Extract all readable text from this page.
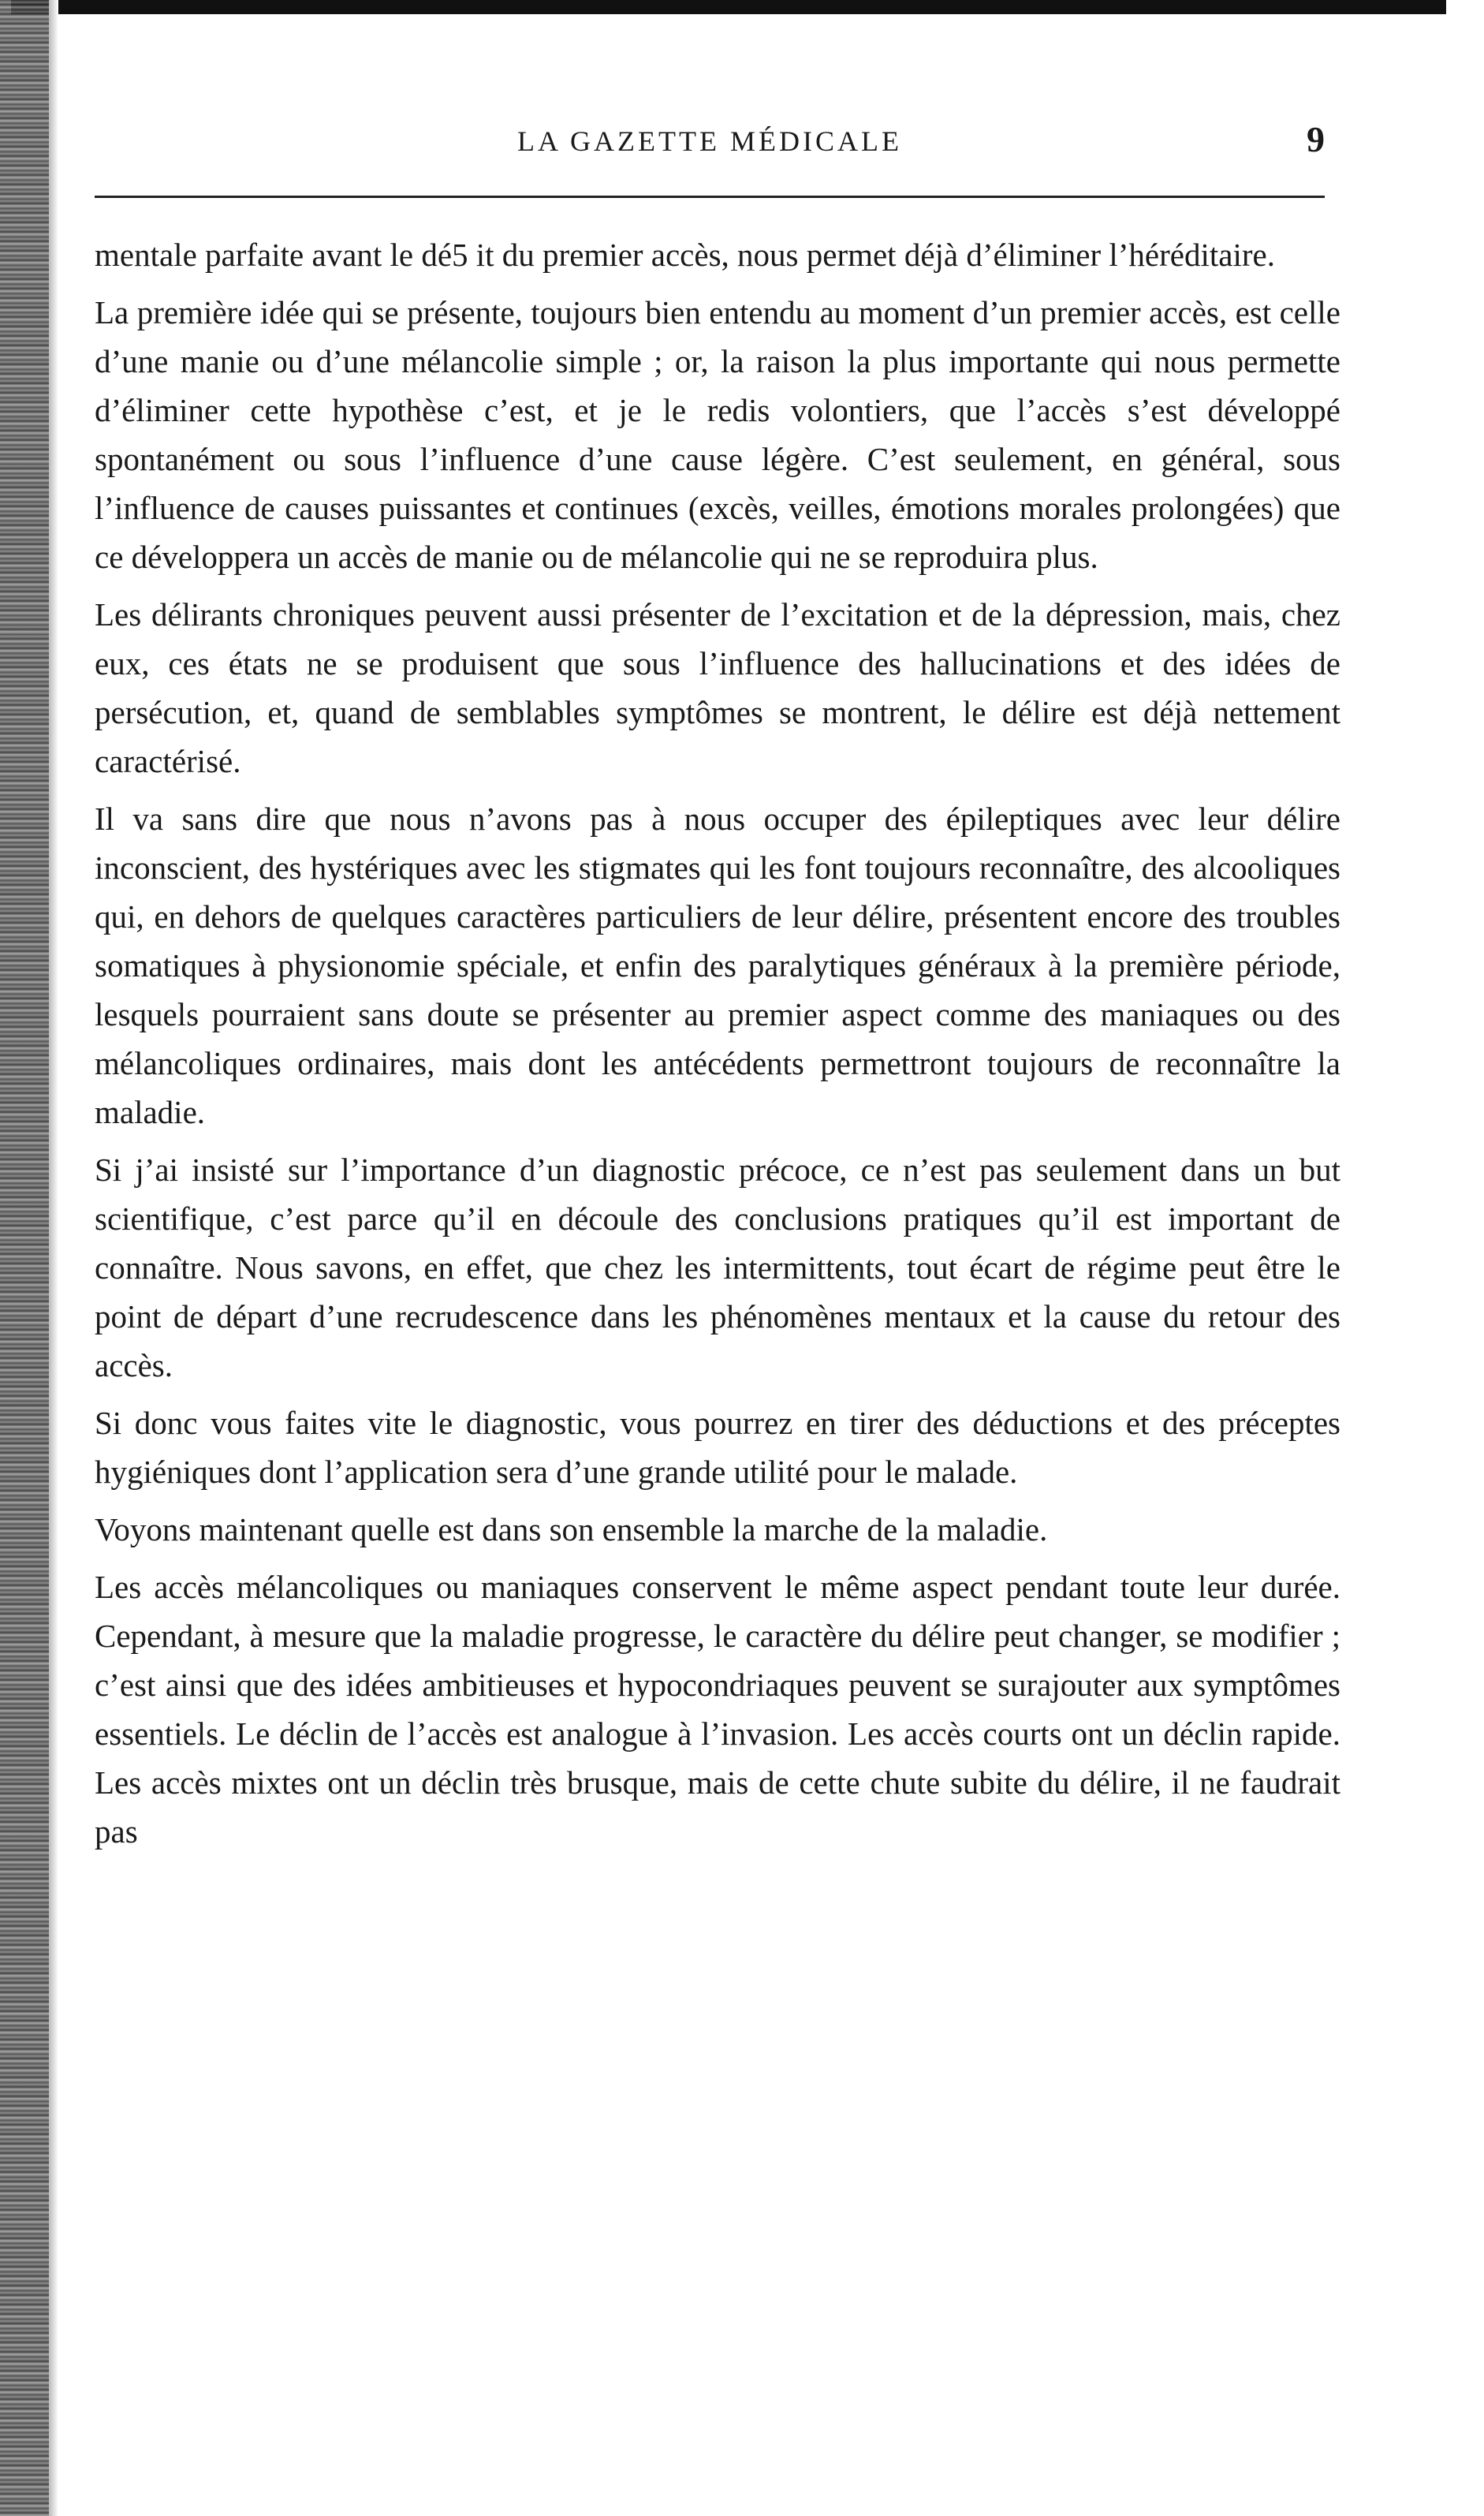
LA GAZETTE MÉDICALE	9

mentale parfaite avant le dé5 it du premier accès, nous permet déjà d’éliminer l’héréditaire.

La première idée qui se présente, toujours bien entendu au moment d’un premier accès, est celle d’une manie ou d’une mélancolie simple ; or, la raison la plus importante qui nous permette d’éliminer cette hypothèse c’est, et je le redis volontiers, que l’accès s’est développé spontanément ou sous l’influence d’une cause légère. C’est seulement, en général, sous l’influence de causes puissantes et continues (excès, veilles, émotions morales prolongées) que ce développera un accès de manie ou de mélancolie qui ne se reproduira plus.

Les délirants chroniques peuvent aussi présenter de l’excitation et de la dépression, mais, chez eux, ces états ne se produisent que sous l’influence des hallucinations et des idées de persécution, et, quand de semblables symptômes se montrent, le délire est déjà nettement caractérisé.

Il va sans dire que nous n’avons pas à nous occuper des épileptiques avec leur délire inconscient, des hystériques avec les stigmates qui les font toujours reconnaître, des alcooliques qui, en dehors de quelques caractères particuliers de leur délire, présentent encore des troubles somatiques à physionomie spéciale, et enfin des paralytiques généraux à la première période, lesquels pourraient sans doute se présenter au premier aspect comme des maniaques ou des mélancoliques ordinaires, mais dont les antécédents permettront toujours de reconnaître la maladie.

Si j’ai insisté sur l’importance d’un diagnostic précoce, ce n’est pas seulement dans un but scientifique, c’est parce qu’il en découle des conclusions pratiques qu’il est important de connaître. Nous savons, en effet, que chez les intermittents, tout écart de régime peut être le point de départ d’une recrudescence dans les phénomènes mentaux et la cause du retour des accès.

Si donc vous faites vite le diagnostic, vous pourrez en tirer des déductions et des préceptes hygiéniques dont l’application sera d’une grande utilité pour le malade.

Voyons maintenant quelle est dans son ensemble la marche de la maladie.

Les accès mélancoliques ou maniaques conservent le même aspect pendant toute leur durée. Cependant, à mesure que la maladie progresse, le caractère du délire peut changer, se modifier ; c’est ainsi que des idées ambitieuses et hypocondriaques peuvent se surajouter aux symptômes essentiels. Le déclin de l’accès est analogue à l’invasion. Les accès courts ont un déclin rapide. Les accès mixtes ont un déclin très brusque, mais de cette chute subite du délire, il ne faudrait pas
